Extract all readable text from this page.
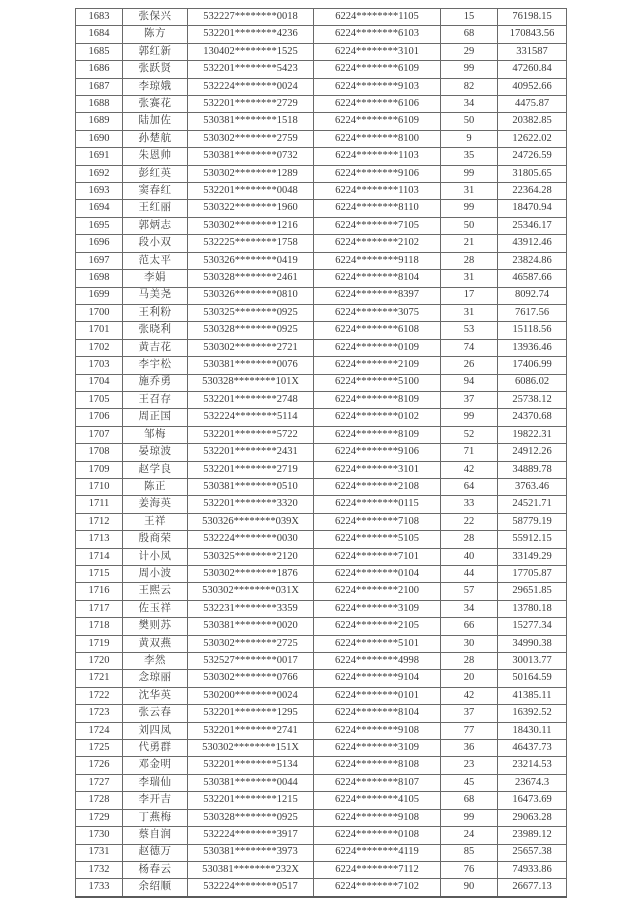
1683	张保兴	532227********0018	6224********1105	15	76198.15
1684	陈方	532201********4236	6224********6103	68	170843.56
1685	郭红新	130402********1525	6224********3101	29	331587
1686	张跃贤	532201********5423	6224********6109	99	47260.84
1687	李琼娥	532224********0024	6224********9103	82	40952.66
1688	张赛花	532201********2729	6224********6106	34	4475.87
1689	陆加佐	530381********1518	6224********6109	50	20382.85
1690	孙楚航	530302********2759	6224********8100	9	12622.02
1691	朱恩帅	530381********0732	6224********1103	35	24726.59
1692	彭红英	530302********1289	6224********9106	99	31805.65
1693	窦春红	532201********0048	6224********1103	31	22364.28
1694	王红丽	530322********1960	6224********8110	99	18470.94
1695	郭炳志	530302********1216	6224********7105	50	25346.17
1696	段小双	532225********1758	6224********2102	21	43912.46
1697	范太平	530326********0419	6224********9118	28	23824.86
1698	李娟	530328********2461	6224********8104	31	46587.66
1699	马美尧	530326********0810	6224********8397	17	8092.74
1700	王利粉	530325********0925	6224********3075	31	7617.56
1701	张晓利	530328********0925	6224********6108	53	15118.56
1702	黄吉花	530302********2721	6224********0109	74	13936.46
1703	李宇松	530381********0076	6224********2109	26	17406.99
1704	施乔勇	530328********101X	6224********5100	94	6086.02
1705	王召存	532201********2748	6224********8109	37	25738.12
1706	周正国	532224********5114	6224********0102	99	24370.68
1707	邹梅	532201********5722	6224********8109	52	19822.31
1708	晏琼波	532201********2431	6224********9106	71	24912.26
1709	赵学良	532201********2719	6224********3101	42	34889.78
1710	陈正	530381********0510	6224********2108	64	3763.46
1711	姜海英	532201********3320	6224********0115	33	24521.71
1712	王祥	530326********039X	6224********7108	22	58779.19
1713	殷商荣	532224********0030	6224********5105	28	55912.15
1714	计小凤	530325********2120	6224********7101	40	33149.29
1715	周小波	530302********1876	6224********0104	44	17705.87
1716	王熙云	530302********031X	6224********2100	57	29651.85
1717	佐玉祥	532231********3359	6224********3109	34	13780.18
1718	樊则苏	530381********0020	6224********2105	66	15277.34
1719	黄双燕	530302********2725	6224********5101	30	34990.38
1720	李然	532527********0017	6224********4998	28	30013.77
1721	念琼丽	530302********0766	6224********9104	20	50164.59
1722	沈华英	530200********0024	6224********0101	42	41385.11
1723	张云春	532201********1295	6224********8104	37	16392.52
1724	刘四凤	532201********2741	6224********9108	77	18430.11
1725	代勇群	530302********151X	6224********3109	36	46437.73
1726	邓金明	532201********5134	6224********8108	23	23214.53
1727	李瑞仙	530381********0044	6224********8107	45	23674.3
1728	李开吉	532201********1215	6224********4105	68	16473.69
1729	丁燕梅	530328********0925	6224********9108	99	29063.28
1730	蔡自润	532224********3917	6224********0108	24	23989.12
1731	赵德万	530381********3973	6224********4119	85	25657.38
1732	杨春云	530381********232X	6224********7112	76	74933.86
1733	余绍顺	532224********0517	6224********7102	90	26677.13
